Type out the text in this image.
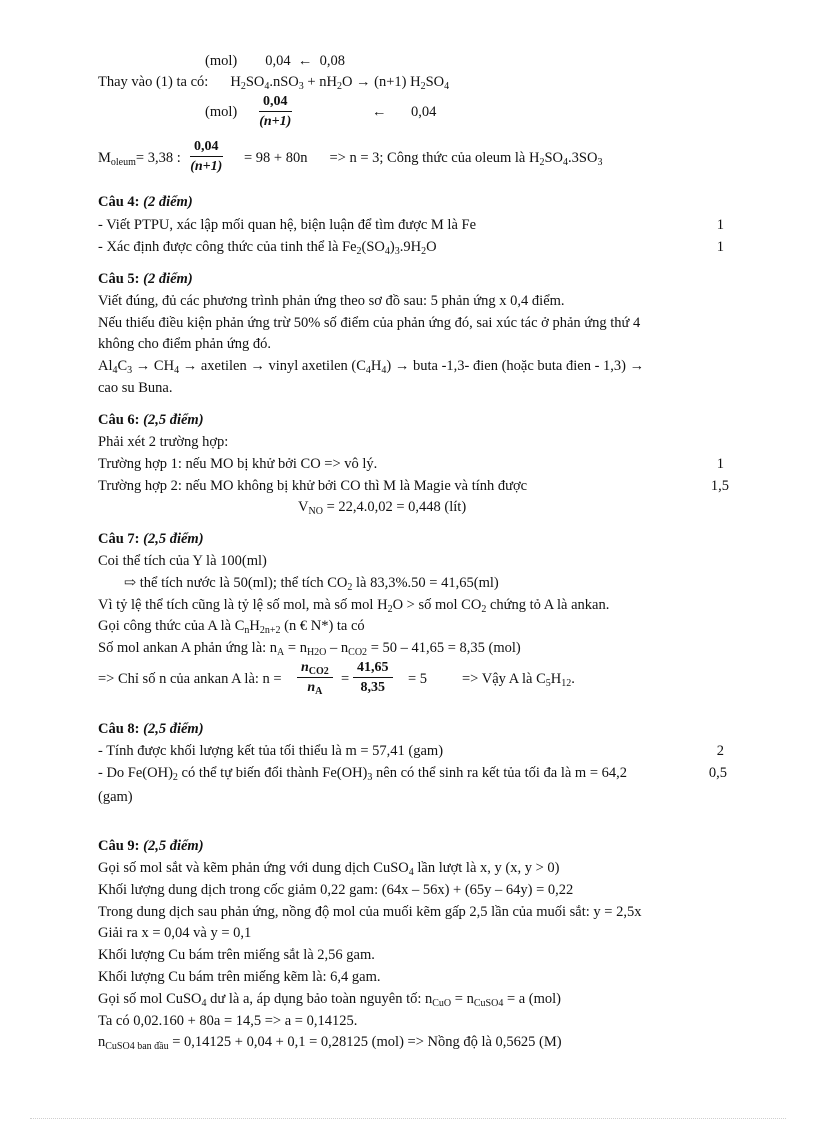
(mol) 0,04 ← 0,08
Thay vào (1) ta có: $H_2SO_4.nSO_3 + nH_2O \to (n+1)$ $H_2SO_4$
$(mol) \frac{0,04}{(n+1)}$	← 0,04
$M_{oleum}= 3,38$ : $\frac{0,04}{(n+1)} = 98 + 80n => n = 3$; Công thức của oleum là $H_2SO_4.3SO_3$
Câu 4: (2 điểm)
- Viết PTPU, xác lập mối quan hệ, biện luận để tìm được M là Fe	1
- Xác định được công thức của tinh thể là $Fe_2(SO_4)_3.9H_2O$	1
Câu 5: (2 điểm)
Viết đúng, đủ các phương trình phản ứng theo sơ đồ sau: 5 phản ứng x 0,4 điểm.
Nếu thiếu điều kiện phản ứng trừ 50% số điểm của phản ứng đó, sai xúc tác ở phản ứng thứ 4
không cho điểm phản ứng đó.
$Al_4C_3 \to CH_4$ → axetilen → vinyl axetilen $(C_4H_4)$ → buta -1,3- đien (hoặc buta đien - 1,3) →
cao su Buna.
Câu 6: (2,5 điểm)
Phải xét 2 trường hợp:
Trường hợp 1: nếu MO bị khử bởi CO => vô lý.	1
Trường hợp 2: nếu MO không bị khử bởi CO thì M là Magie và tính được	1,5
$V_{NO} = 22,4.0,02 = 0,448$ (lít)
Câu 7: (2,5 điểm)
Coi thể tích của Y là 100(ml)
⇨ thể tích nước là 50(ml); thể tích $CO_2$ là 83,3%.50 = 41,65(ml)
Vì tỷ lệ thể tích cũng là tỷ lệ số mol, mà số mol $H_2O$ > số mol $CO_2$ chứng tỏ A là ankan.
Gọi công thức của A là $C_nH_{2n+2}$ (n € N*) ta có
Số mol ankan A phản ứng là: $n_A = n_{H2O} - n_{CO2} = 50 - 41,65 = 8,35$ (mol)
=> Chỉ số n của ankan A là: n =
$n_{CO2}$
$n_A$
= $\frac{41,65}{8,35} = 5$ => Vậy A là $C_5H_{12}$.
Câu 8: (2,5 điểm)
- Tính được khối lượng kết tủa tối thiểu là m = 57,41 (gam)	2
- Do $Fe(OH)_2$ có thể tự biến đổi thành $Fe(OH)_3$ nên có thể sinh ra kết tủa tối đa là m = 64,2	0,5
(gam)
Câu 9: (2,5 điểm)
Gọi số mol sắt và kẽm phản ứng với dung dịch CuSO$_4$ lần lượt là x, y (x, y > 0)
Khối lượng dung dịch trong cốc giảm 0,22 gam: (64x – 56x) + (65y – 64y) = 0,22
Trong dung dịch sau phản ứng, nồng độ mol của muối kẽm gấp 2,5 lần của muối sắt: y = 2,5x
Giải ra x = 0,04 và y = 0,1
Khối lượng Cu bám trên miếng sắt là 2,56 gam.
Khối lượng Cu bám trên miếng kẽm là: 6,4 gam.
Gọi số mol CuSO$_4$ dư là a, áp dụng bảo toàn nguyên tố: $n_{CuO} = n_{CuSO4} = a$ (mol)
Ta có 0,02.160 + 80a = 14,5 => a = 0,14125.
$n_{CuSO4 ban đầu} = 0,14125 + 0,04 + 0,1 = 0,28125$ (mol) => Nồng độ là 0,5625 (M)
